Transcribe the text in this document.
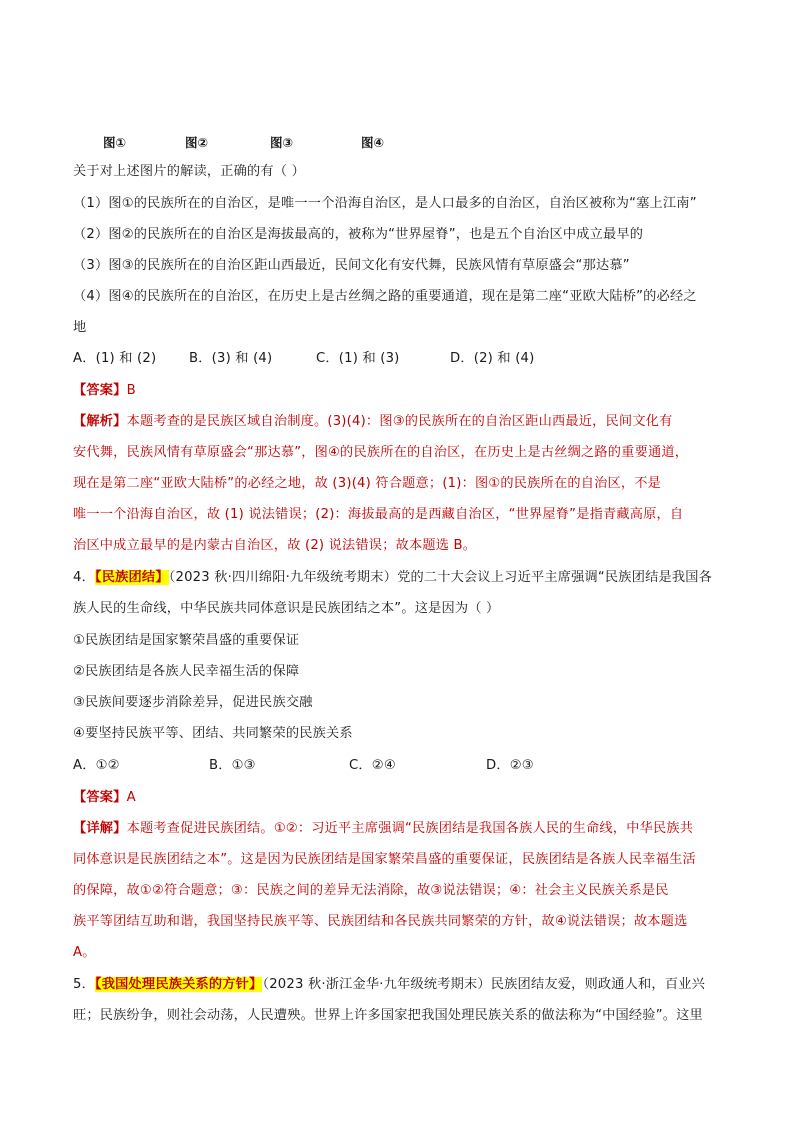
图①	图②	图③	图④
关于对上述图片的解读，正确的有（ ）
（1）图①的民族所在的自治区，是唯一一个沿海自治区，是人口最多的自治区，自治区被称为“塞上江南”
（2）图②的民族所在的自治区是海拔最高的，被称为“世界屋脊”，也是五个自治区中成立最早的
（3）图③的民族所在的自治区距山西最近，民间文化有安代舞，民族风情有草原盛会“那达慕”
（4）图④的民族所在的自治区，在历史上是古丝绸之路的重要通道，现在是第二座“亚欧大陆桥”的必经之
地
A．(1) 和 (2) B．(3) 和 (4)	C．(1) 和 (3)	D．(2) 和 (4)
【答案】B
【解析】本题考查的是民族区域自治制度。(3)(4)：图③的民族所在的自治区距山西最近，民间文化有
安代舞，民族风情有草原盛会“那达慕”，图④的民族所在的自治区，在历史上是古丝绸之路的重要通道，
现在是第二座“亚欧大陆桥”的必经之地，故 (3)(4) 符合题意；(1)：图①的民族所在的自治区，不是
唯一一个沿海自治区，故 (1) 说法错误；(2)：海拔最高的是西藏自治区，“世界屋脊”是指青藏高原，自
治区中成立最早的是内蒙古自治区，故 (2) 说法错误；故本题选 B。
4．【民族团结】（2023 秋·四川绵阳·九年级统考期末）党的二十大会议上习近平主席强调“民族团结是我国各
族人民的生命线，中华民族共同体意识是民族团结之本”。这是因为（ ）
①民族团结是国家繁荣昌盛的重要保证
②民族团结是各族人民幸福生活的保障
③民族间要逐步消除差异，促进民族交融
④要坚持民族平等、团结、共同繁荣的民族关系
A．①②	B．①③	C．②④	D．②③
【答案】A
【详解】本题考查促进民族团结。①②：习近平主席强调“民族团结是我国各族人民的生命线，中华民族共
同体意识是民族团结之本”。这是因为民族团结是国家繁荣昌盛的重要保证，民族团结是各族人民幸福生活
的保障，故①②符合题意；③：民族之间的差异无法消除，故③说法错误；④：社会主义民族关系是民
族平等团结互助和谐，我国坚持民族平等、民族团结和各民族共同繁荣的方针，故④说法错误；故本题选
A。
5．【我国处理民族关系的方针】（2023 秋·浙江金华·九年级统考期末）民族团结友爱，则政通人和，百业兴
旺；民族纷争，则社会动荡，人民遭殃。世界上许多国家把我国处理民族关系的做法称为“中国经验”。这里
